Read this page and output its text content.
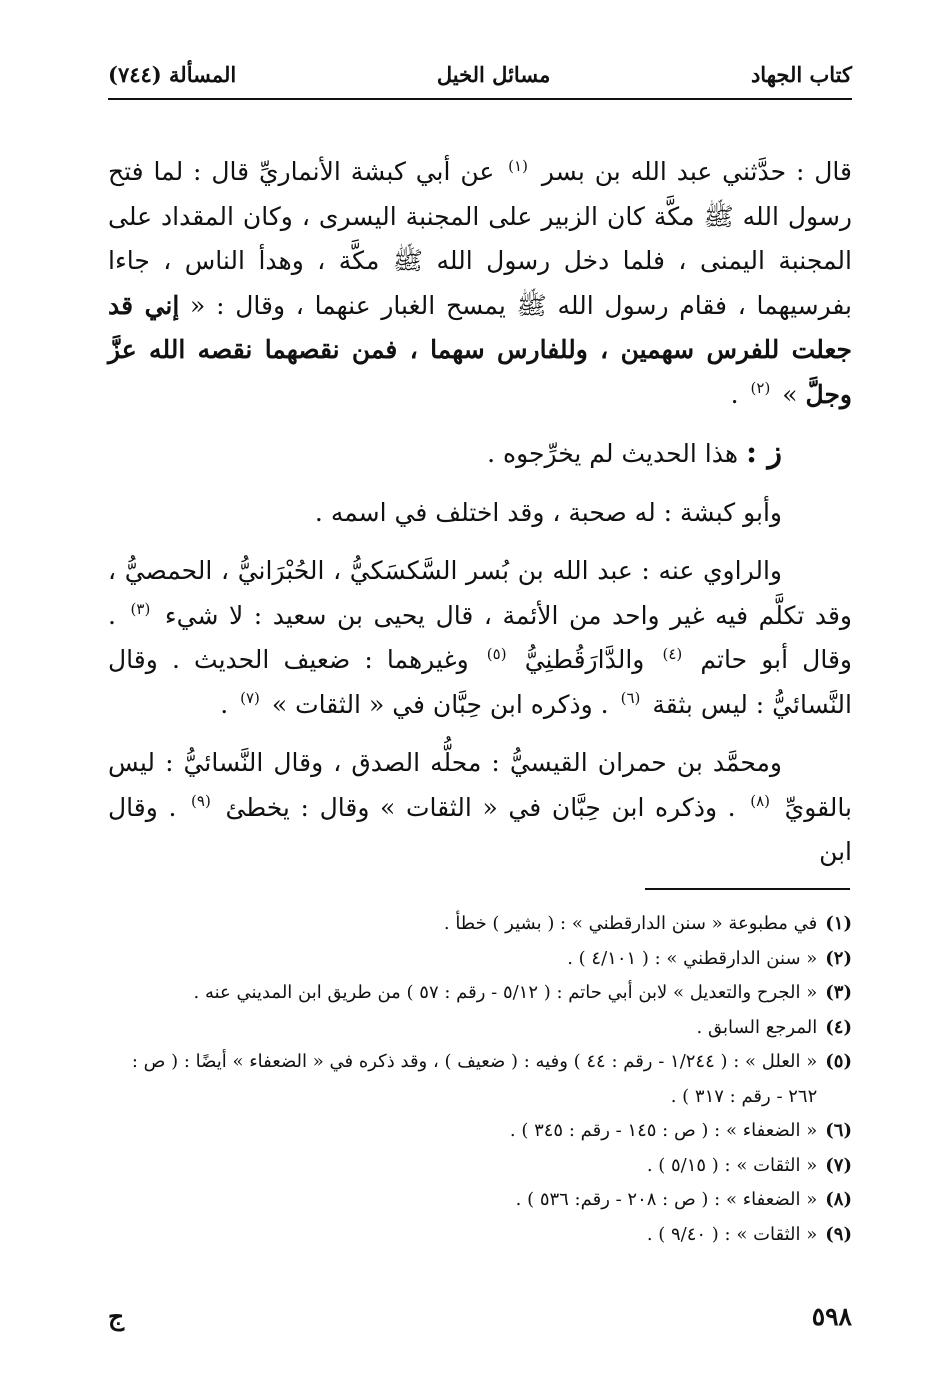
كتاب الجهاد
مسائل الخيل
المسألة (٧٤٤)

قال : حدَّثني عبد الله بن بسر $^{(١)}$ عن أبي كبشة الأنماريِّ قال : لما فتح رسول الله ﷺ مكَّة كان الزبير على المجنبة اليسرى ، وكان المقداد على المجنبة اليمنى ، فلما دخل رسول الله ﷺ مكَّة ، وهدأ الناس ، جاءا بفرسيهما ، فقام رسول الله ﷺ يمسح الغبار عنهما ، وقال : « إني قد جعلت للفرس سهمين ، وللفارس سهما ، فمن نقصهما نقصه الله عزَّ وجلَّ » $^{(٢)}$ .

ز : هذا الحديث لم يخرِّجوه .

وأبو كبشة : له صحبة ، وقد اختلف في اسمه .

والراوي عنه : عبد الله بن بُسر السَّكسَكيُّ ، الحُبْرَانيُّ ، الحمصيُّ ، وقد تكلَّم فيه غير واحد من الأئمة ، قال يحيى بن سعيد : لا شيء $^{(٣)}$ . وقال أبو حاتم $^{(٤)}$ والدَّارَقُطنِيُّ $^{(٥)}$ وغيرهما : ضعيف الحديث . وقال النَّسائيُّ : ليس بثقة $^{(٦)}$ . وذكره ابن حِبَّان في « الثقات » $^{(٧)}$ .

ومحمَّد بن حمران القيسيُّ : محلُّه الصدق ، وقال النَّسائيُّ : ليس بالقويِّ $^{(٨)}$ . وذكره ابن حِبَّان في « الثقات » وقال : يخطئ $^{(٩)}$ . وقال ابن

(١)
في مطبوعة « سنن الدارقطني » : ( بشير ) خطأ .

(٢)
« سنن الدارقطني » : ( ٤/١٠١ ) .

(٣)
« الجرح والتعديل » لابن أبي حاتم : ( ٥/١٢ - رقم : ٥٧ ) من طريق ابن المديني عنه .

(٤)
المرجع السابق .

(٥)
« العلل » : ( ١/٢٤٤ - رقم : ٤٤ ) وفيه : ( ضعيف ) ، وقد ذكره في « الضعفاء » أيضًا : ( ص : ٢٦٢ - رقم : ٣١٧ ) .

(٦)
« الضعفاء » : ( ص : ١٤٥ - رقم : ٣٤٥ ) .

(٧)
« الثقات » : ( ٥/١٥ ) .

(٨)
« الضعفاء » : ( ص : ٢٠٨ - رقم: ٥٣٦ ) .

(٩)
« الثقات » : ( ٩/٤٠ ) .

٥٩٨
ج
